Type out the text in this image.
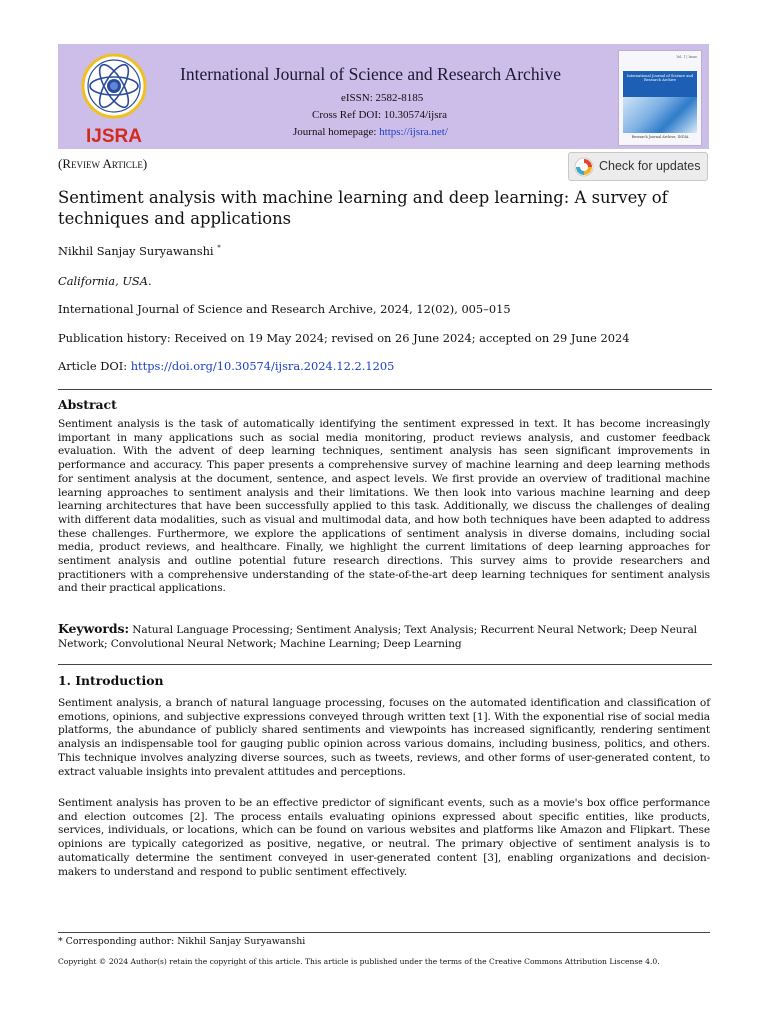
IJSRA
International Journal of Science and Research Archive
eISSN: 2582-8185
Cross Ref DOI: 10.30574/ijsra
Journal homepage: https://ijsra.net/
Vol. 1 | Issue
International Journal of Science and Research Archive
Research Journal Archive, INDIA
(Review Article)	Check for updates
Sentiment analysis with machine learning and deep learning: A survey of techniques and applications
Nikhil Sanjay Suryawanshi *
California, USA.
International Journal of Science and Research Archive, 2024, 12(02), 005–015
Publication history: Received on 19 May 2024; revised on 26 June 2024; accepted on 29 June 2024
Article DOI: https://doi.org/10.30574/ijsra.2024.12.2.1205
Abstract
Sentiment analysis is the task of automatically identifying the sentiment expressed in text. It has become increasingly important in many applications such as social media monitoring, product reviews analysis, and customer feedback evaluation. With the advent of deep learning techniques, sentiment analysis has seen significant improvements in performance and accuracy. This paper presents a comprehensive survey of machine learning and deep learning methods for sentiment analysis at the document, sentence, and aspect levels. We first provide an overview of traditional machine learning approaches to sentiment analysis and their limitations. We then look into various machine learning and deep learning architectures that have been successfully applied to this task. Additionally, we discuss the challenges of dealing with different data modalities, such as visual and multimodal data, and how both techniques have been adapted to address these challenges. Furthermore, we explore the applications of sentiment analysis in diverse domains, including social media, product reviews, and healthcare. Finally, we highlight the current limitations of deep learning approaches for sentiment analysis and outline potential future research directions. This survey aims to provide researchers and practitioners with a comprehensive understanding of the state-of-the-art deep learning techniques for sentiment analysis and their practical applications.
Keywords: Natural Language Processing; Sentiment Analysis; Text Analysis; Recurrent Neural Network; Deep Neural Network; Convolutional Neural Network; Machine Learning; Deep Learning
1. Introduction
Sentiment analysis, a branch of natural language processing, focuses on the automated identification and classification of emotions, opinions, and subjective expressions conveyed through written text [1]. With the exponential rise of social media platforms, the abundance of publicly shared sentiments and viewpoints has increased significantly, rendering sentiment analysis an indispensable tool for gauging public opinion across various domains, including business, politics, and others. This technique involves analyzing diverse sources, such as tweets, reviews, and other forms of user-generated content, to extract valuable insights into prevalent attitudes and perceptions.
Sentiment analysis has proven to be an effective predictor of significant events, such as a movie's box office performance and election outcomes [2]. The process entails evaluating opinions expressed about specific entities, like products, services, individuals, or locations, which can be found on various websites and platforms like Amazon and Flipkart. These opinions are typically categorized as positive, negative, or neutral. The primary objective of sentiment analysis is to automatically determine the sentiment conveyed in user-generated content [3], enabling organizations and decision-makers to understand and respond to public sentiment effectively.
* Corresponding author: Nikhil Sanjay Suryawanshi
Copyright © 2024 Author(s) retain the copyright of this article. This article is published under the terms of the Creative Commons Attribution Liscense 4.0.
